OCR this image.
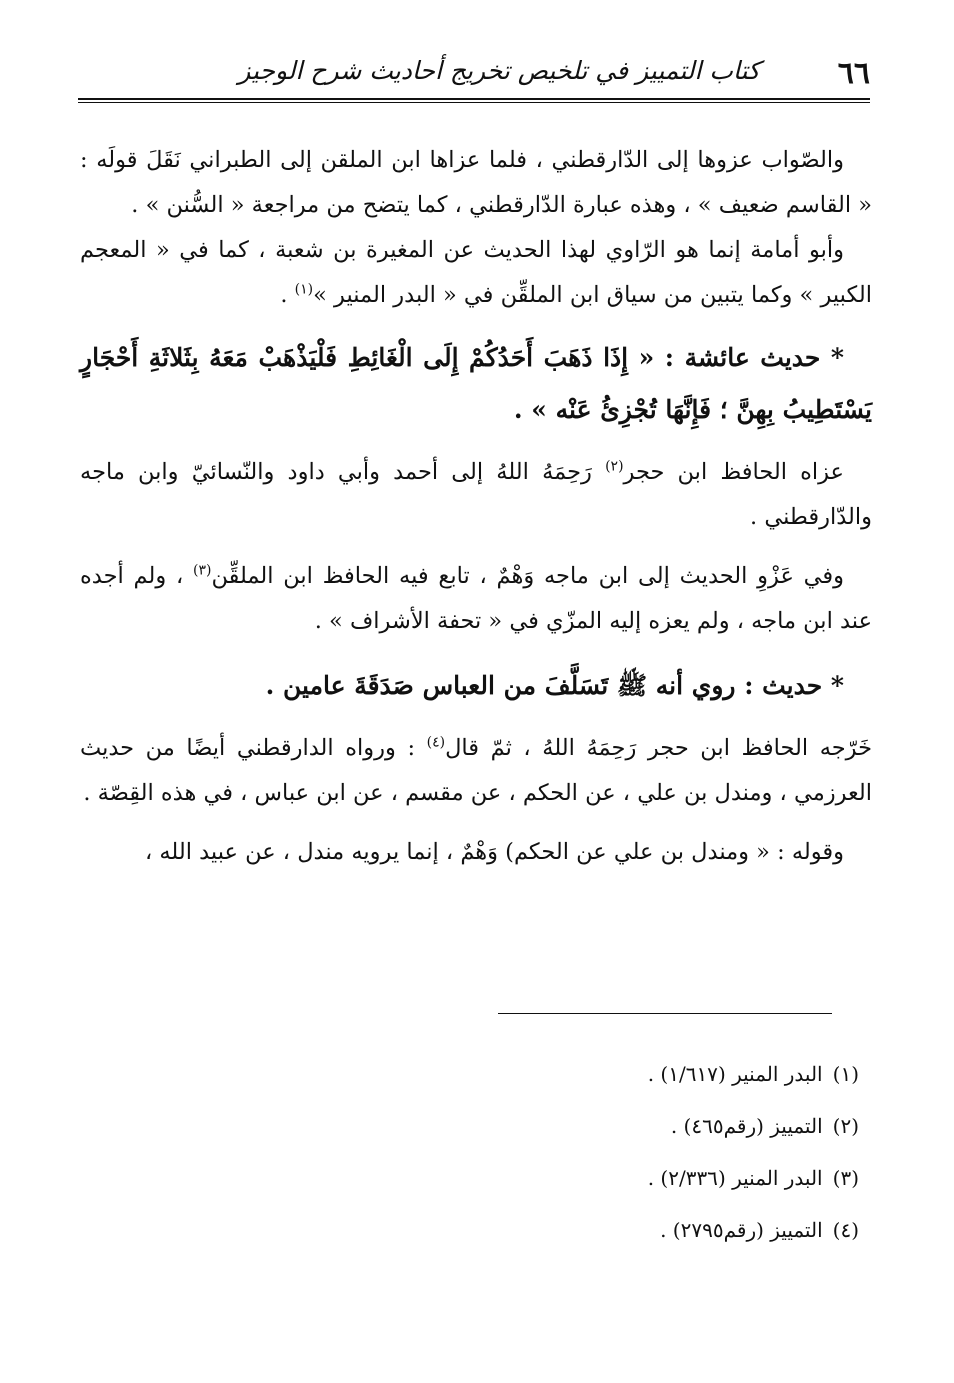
٦٦
كتاب التمييز في تلخيص تخريج أحاديث شرح الوجيز

والصّواب عزوها إلى الدّارقطني ، فلما عزاها ابن الملقن إلى الطبراني نَقَلَ قولَه : « القاسم ضعيف » ، وهذه عبارة الدّارقطني ، كما يتضح من مراجعة « السُّنن » .

وأبو أمامة إنما هو الرّاوي لهذا الحديث عن المغيرة بن شعبة ، كما في « المعجم الكبير » وكما يتبين من سياق ابن الملقِّن في « البدر المنير »$^{(١)}$ .

* حديث عائشة : « إِذَا ذَهَبَ أَحَدُكُمْ إِلَى الْغَائِطِ فَلْيَذْهَبْ مَعَهُ بِثَلاثَةِ أَحْجَارٍ يَسْتَطِيبُ بِهِنَّ ؛ فَإِنَّهَا تُجْزِئُ عَنْه » .

عزاه الحافظ ابن حجر$^{(٢)}$ رَحِمَهُ اللهُ إلى أحمد وأبي داود والنّسائيّ وابن ماجه والدّارقطني .

وفي عَزْوِ الحديث إلى ابن ماجه وَهْمٌ ، تابع فيه الحافظ ابن الملقِّن$^{(٣)}$ ، ولم أجده عند ابن ماجه ، ولم يعزه إليه المزّي في « تحفة الأشراف » .

* حديث : روي أنه ﷺ تَسَلَّفَ من العباس صَدَقَةَ عامين .

خَرّجه الحافظ ابن حجر رَحِمَهُ اللهُ ، ثمّ قال$^{(٤)}$ : ورواه الدارقطني أيضًا من حديث العرزمي ، ومندل بن علي ، عن الحكم ، عن مقسم ، عن ابن عباس ، في هذه القِصّة .

وقوله : « ومندل بن علي عن الحكم) وَهْمٌ ، إنما يرويه مندل ، عن عبيد الله ،

(١)البدر المنير (١/٦١٧) .
(٢)التمييز (رقم٤٦٥) .
(٣)البدر المنير (٢/٣٣٦) .
(٤)التمييز (رقم٢٧٩٥) .
